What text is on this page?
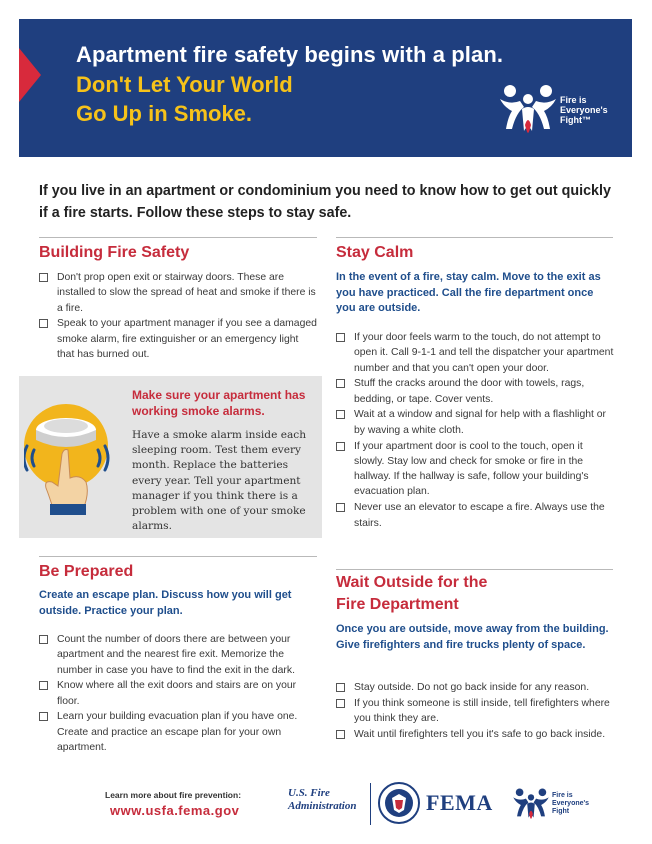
Apartment fire safety begins with a plan.
Don't Let Your World
Go Up in Smoke.
Fire is
Everyone's
Fight™
If you live in an apartment or condominium you need to know how to get out quickly if a fire starts. Follow these steps to stay safe.
Building Fire Safety
Don't prop open exit or stairway doors. These are installed to slow the spread of heat and smoke if there is a fire.
Speak to your apartment manager if you see a damaged smoke alarm, fire extinguisher or an emergency light that has burned out.
Make sure your apartment has working smoke alarms.
Have a smoke alarm inside each sleeping room. Test them every month. Replace the batteries every year. Tell your apartment manager if you think there is a problem with one of your smoke alarms.
Be Prepared
Create an escape plan. Discuss how you will get outside. Practice your plan.
Count the number of doors there are between your apartment and the nearest fire exit. Memorize the number in case you have to find the exit in the dark.
Know where all the exit doors and stairs are on your floor.
Learn your building evacuation plan if you have one. Create and practice an escape plan for your own apartment.
Stay Calm
In the event of a fire, stay calm. Move to the exit as you have practiced. Call the fire department once you are outside.
If your door feels warm to the touch, do not attempt to open it. Call 9-1-1 and tell the dispatcher your apartment number and that you can't open your door.
Stuff the cracks around the door with towels, rags, bedding, or tape. Cover vents.
Wait at a window and signal for help with a flashlight or by waving a white cloth.
If your apartment door is cool to the touch, open it slowly. Stay low and check for smoke or fire in the hallway. If the hallway is safe, follow your building's evacuation plan.
Never use an elevator to escape a fire. Always use the stairs.
Wait Outside for the
Fire Department
Once you are outside, move away from the building. Give firefighters and fire trucks plenty of space.
Stay outside. Do not go back inside for any reason.
If you think someone is still inside, tell firefighters where you think they are.
Wait until firefighters tell you it's safe to go back inside.
Learn more about fire prevention:
www.usfa.fema.gov
U.S. Fire
Administration	FEMA	Fire is
Everyone's
Fight
